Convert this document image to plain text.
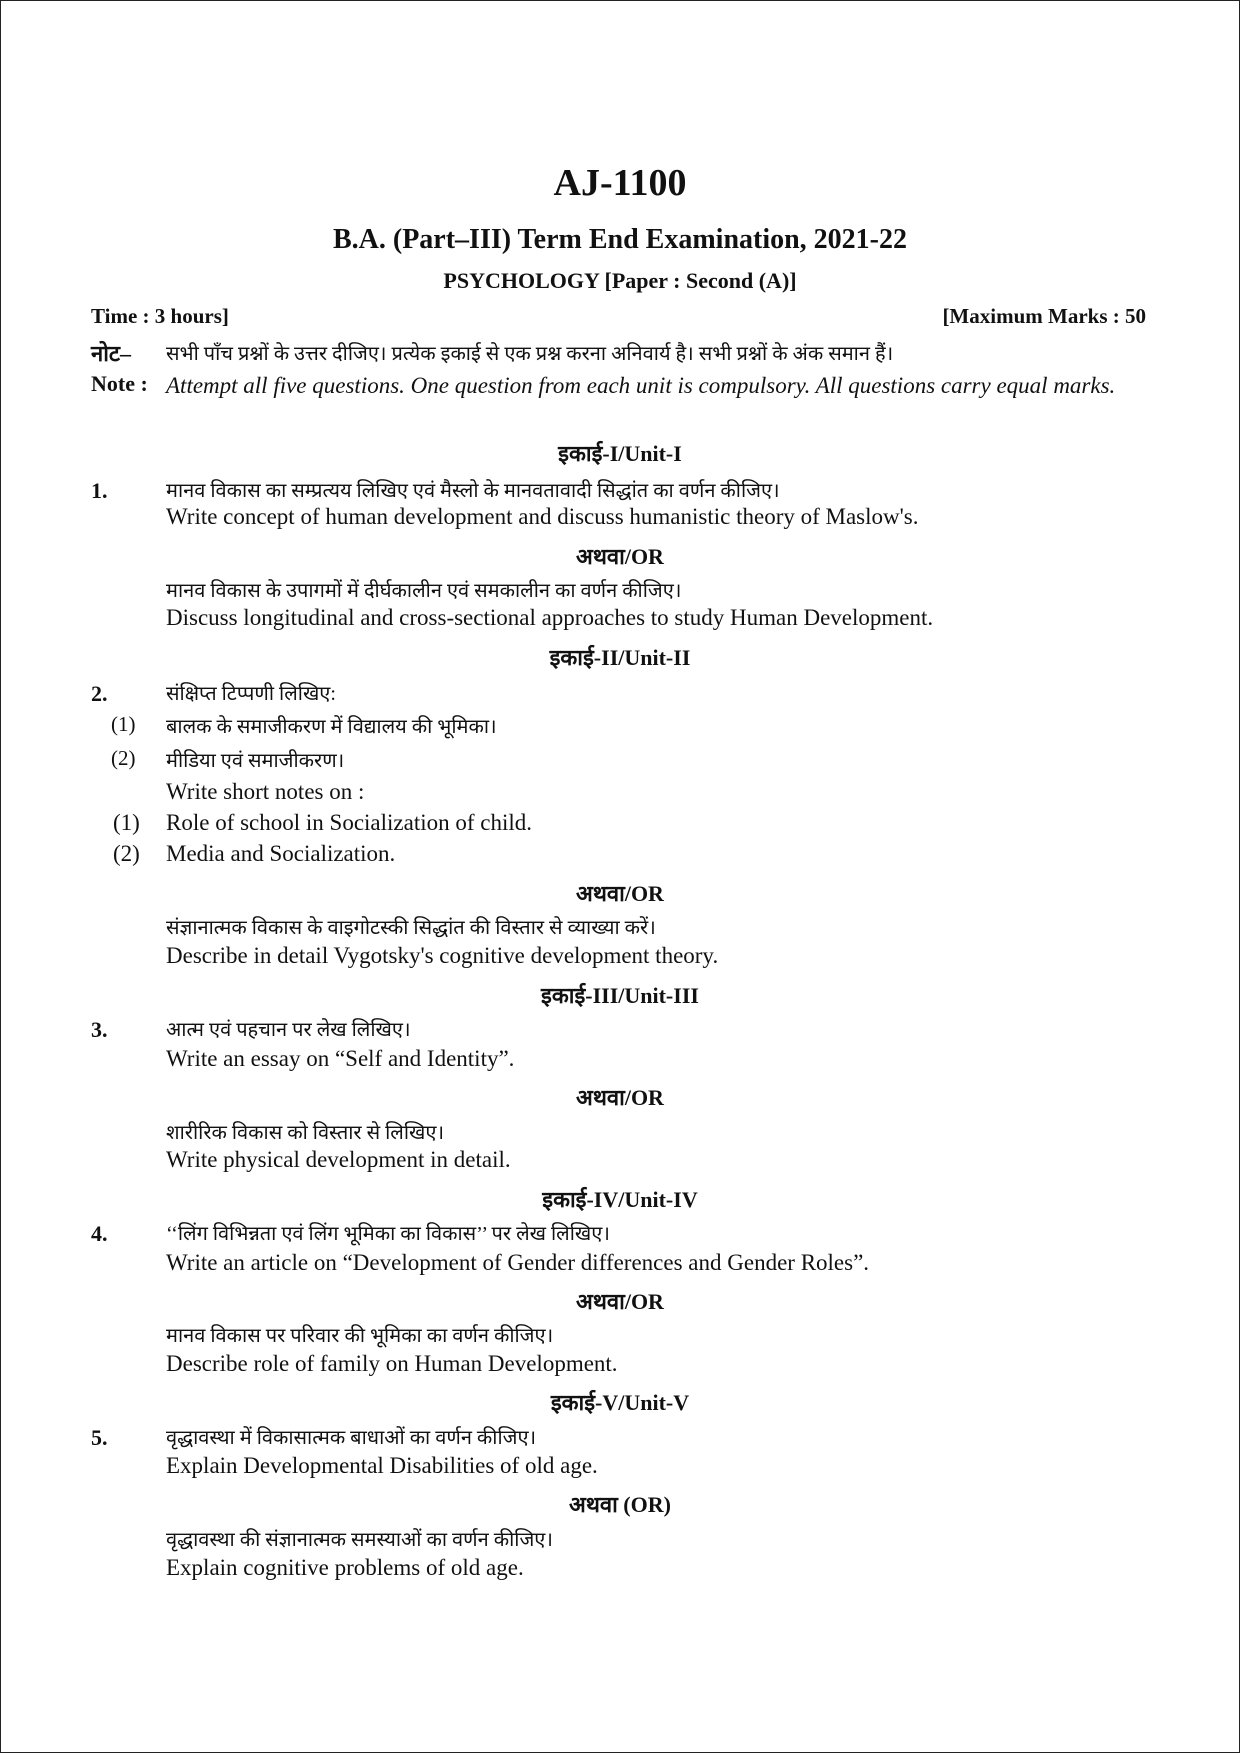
AJ-1100
B.A. (Part–III) Term End Examination, 2021-22
PSYCHOLOGY [Paper : Second (A)]
Time : 3 hours]	[Maximum Marks : 50
नोट– सभी पाँच प्रश्नों के उत्तर दीजिए। प्रत्येक इकाई से एक प्रश्न करना अनिवार्य है। सभी प्रश्नों के अंक समान हैं।
Note : Attempt all five questions. One question from each unit is compulsory. All questions carry equal marks.
इकाई-I/Unit-I
1.	मानव विकास का सम्प्रत्यय लिखिए एवं मैस्लो के मानवतावादी सिद्धांत का वर्णन कीजिए।
Write concept of human development and discuss humanistic theory of Maslow's.
अथवा/OR
मानव विकास के उपागमों में दीर्घकालीन एवं समकालीन का वर्णन कीजिए।
Discuss longitudinal and cross-sectional approaches to study Human Development.
इकाई-II/Unit-II
2.	संक्षिप्त टिप्पणी लिखिए:
(1) बालक के समाजीकरण में विद्यालय की भूमिका।
(2) मीडिया एवं समाजीकरण।
Write short notes on :
(1) Role of school in Socialization of child.
(2) Media and Socialization.
अथवा/OR
संज्ञानात्मक विकास के वाइगोटस्की सिद्धांत की विस्तार से व्याख्या करें।
Describe in detail Vygotsky's cognitive development theory.
इकाई-III/Unit-III
3.	आत्म एवं पहचान पर लेख लिखिए।
Write an essay on “Self and Identity”.
अथवा/OR
शारीरिक विकास को विस्तार से लिखिए।
Write physical development in detail.
इकाई-IV/Unit-IV
4.	‘‘लिंग विभिन्नता एवं लिंग भूमिका का विकास’’ पर लेख लिखिए।
Write an article on “Development of Gender differences and Gender Roles”.
अथवा/OR
मानव विकास पर परिवार की भूमिका का वर्णन कीजिए।
Describe role of family on Human Development.
इकाई-V/Unit-V
5.	वृद्धावस्था में विकासात्मक बाधाओं का वर्णन कीजिए।
Explain Developmental Disabilities of old age.
अथवा (OR)
वृद्धावस्था की संज्ञानात्मक समस्याओं का वर्णन कीजिए।
Explain cognitive problems of old age.
